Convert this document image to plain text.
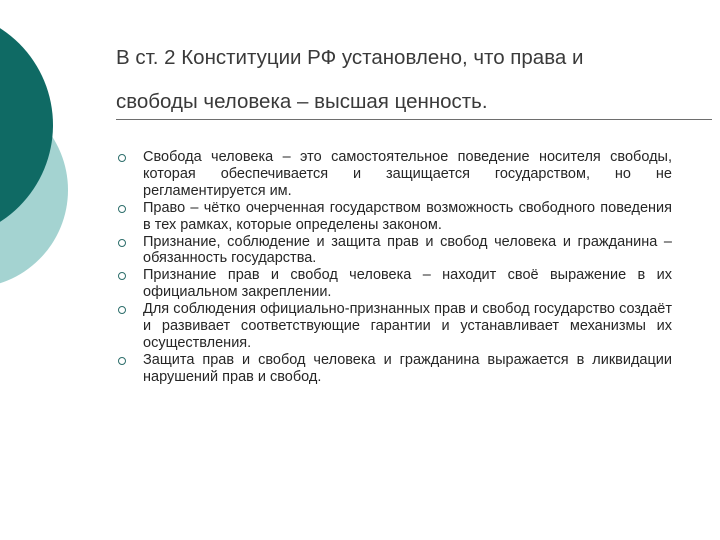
В ст. 2 Конституции РФ установлено, что права и
свободы человека – высшая ценность.
Свобода человека – это самостоятельное поведение носителя свободы, которая обеспечивается и защищается государством, но не регламентируется им.
Право – чётко очерченная государством возможность свободного поведения в тех рамках, которые определены законом.
Признание, соблюдение и защита прав и свобод человека и гражданина – обязанность государства.
Признание прав и свобод человека – находит своё выражение в их официальном закреплении.
Для соблюдения официально-признанных прав и свобод государство создаёт и развивает соответствующие гарантии и устанавливает механизмы их осуществления.
Защита прав и свобод человека и гражданина выражается в ликвидации нарушений прав и свобод.
